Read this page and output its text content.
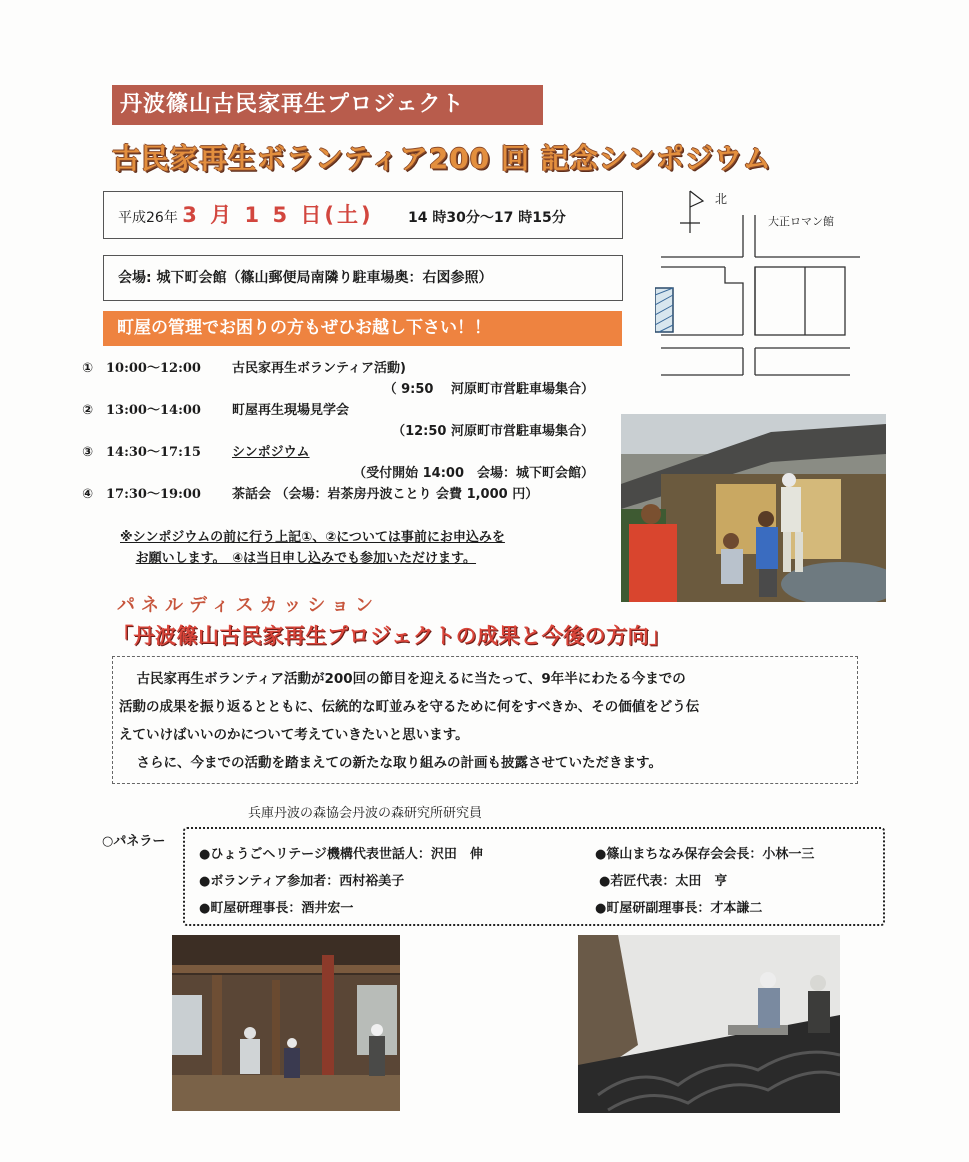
丹波篠山古民家再生プロジェクト
古民家再生ボランティア200 回 記念シンポジウム
平成26年 3 月 1 5 日(土) 14 時30分～17 時15分
会場: 城下町会館（篠山郵便局南隣り駐車場奥：右図参照）
町屋の管理でお困りの方もぜひお越し下さい！！
北
大正ロマン館
① 10:00～12:00 古民家再生ボランティア活動)
（ 9:50　 河原町市営駐車場集合）
② 13:00～14:00 町屋再生現場見学会
（12:50 河原町市営駐車場集合）
③ 14:30～17:15 シンポジウム
（受付開始 14:00　会場：城下町会館）
④ 17:30～19:00 茶話会 （会場：岩茶房丹波ことり 会費 1,000 円）
※シンポジウムの前に行う上記①、②については事前にお申込みを
お願いします。　④は当日申し込みでも参加いただけます。
パネルディスカッション
「丹波篠山古民家再生プロジェクトの成果と今後の方向」

古民家再生ボランティア活動が200回の節目を迎えるに当たって、9年半にわたる今までの

活動の成果を振り返るとともに、伝統的な町並みを守るために何をすべきか、その価値をどう伝

えていけばいいのかについて考えていきたいと思います。

さらに、今までの活動を踏まえての新たな取り組みの計画も披露させていただきます。

兵庫丹波の森協会丹波の森研究所研究員
○パネラー
●ひょうごヘリテージ機構代表世話人：沢田　伸	●篠山まちなみ保存会会長：小林一三
●ボランティア参加者：西村裕美子	●若匠代表：太田　亨
●町屋研理事長：酒井宏一	●町屋研副理事長：才本謙二
